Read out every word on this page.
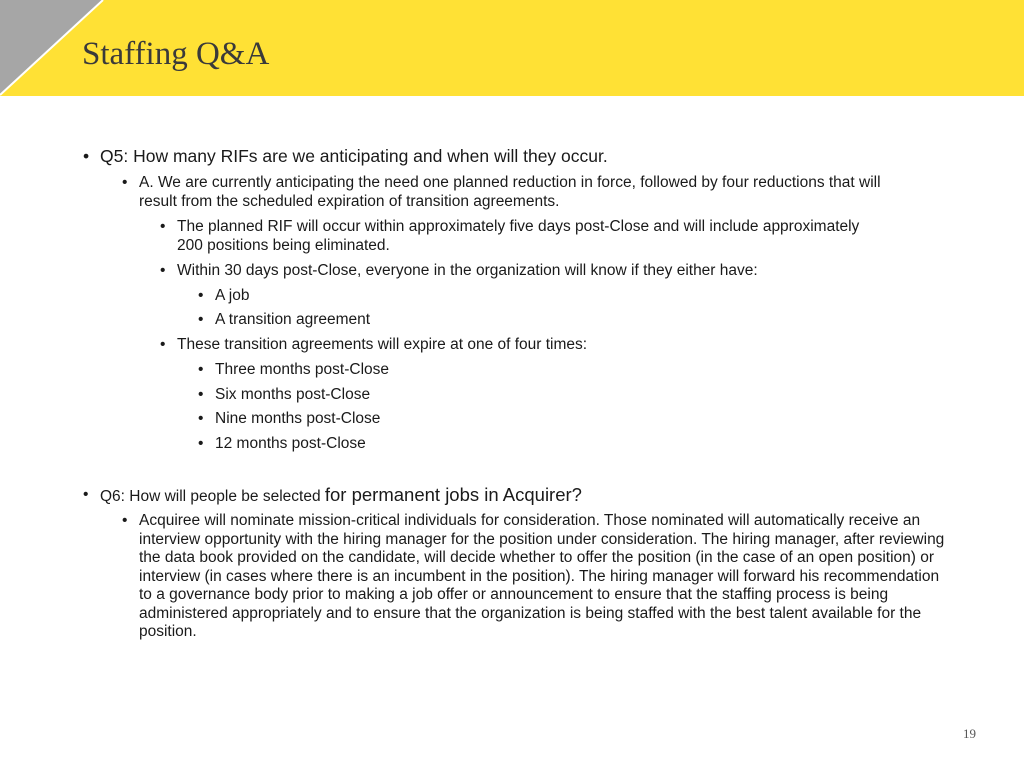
Staffing Q&A
• Q5: How many RIFs are we anticipating and when will they occur.
• A. We are currently anticipating the need one planned reduction in force, followed by four reductions that will result from the scheduled expiration of transition agreements.
• The planned RIF will occur within approximately five days post-Close and will include approximately 200 positions being eliminated.
• Within 30 days post-Close, everyone in the organization will know if they either have:
• A job
• A transition agreement
• These transition agreements will expire at one of four times:
• Three months post-Close
• Six months post-Close
• Nine months post-Close
• 12 months post-Close
• Q6: How will people be selected for permanent jobs in Acquirer?
• Acquiree will nominate mission-critical individuals for consideration. Those nominated will automatically receive an interview opportunity with the hiring manager for the position under consideration. The hiring manager, after reviewing the data book provided on the candidate, will decide whether to offer the position (in the case of an open position) or interview (in cases where there is an incumbent in the position). The hiring manager will forward his recommendation to a governance body prior to making a job offer or announcement to ensure that the staffing process is being administered appropriately and to ensure that the organization is being staffed with the best talent available for the position.
19
